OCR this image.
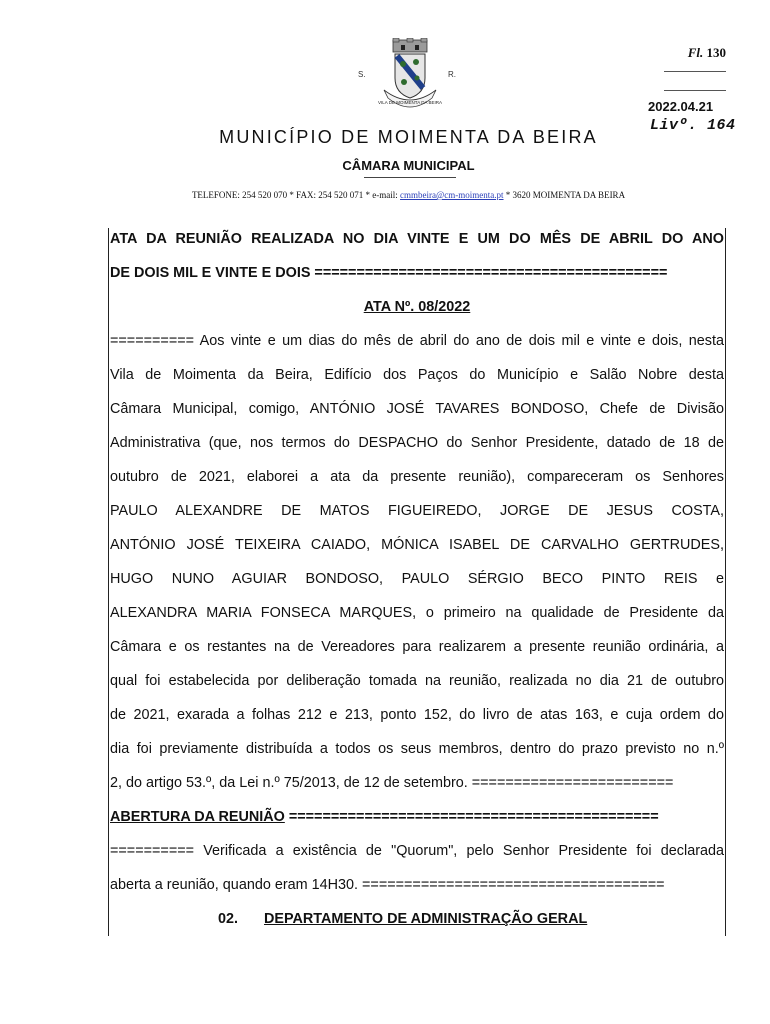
S.	R.
VILA DE MOIMENTA DA BEIRA
Fl. 130
2022.04.21
Livº. 164
MUNICÍPIO DE MOIMENTA DA BEIRA
CÂMARA MUNICIPAL
TELEFONE: 254 520 070 * FAX: 254 520 071 * e-mail: cmmbeira@cm-moimenta.pt * 3620 MOIMENTA DA BEIRA
ATA DA REUNIÃO REALIZADA NO DIA VINTE E UM DO MÊS DE ABRIL DO ANO
DE DOIS MIL E VINTE E DOIS ==========================================
ATA Nº. 08/2022
========== Aos vinte e um dias do mês de abril do ano de dois mil e vinte e dois, nesta
Vila de Moimenta da Beira, Edifício dos Paços do Município e Salão Nobre desta
Câmara Municipal, comigo, ANTÓNIO JOSÉ TAVARES BONDOSO, Chefe de Divisão
Administrativa (que, nos termos do DESPACHO do Senhor Presidente, datado de 18 de
outubro de 2021, elaborei a ata da presente reunião), compareceram os Senhores
PAULO ALEXANDRE DE MATOS FIGUEIREDO, JORGE DE JESUS COSTA,
ANTÓNIO JOSÉ TEIXEIRA CAIADO, MÓNICA ISABEL DE CARVALHO GERTRUDES,
HUGO NUNO AGUIAR BONDOSO, PAULO SÉRGIO BECO PINTO REIS e
ALEXANDRA MARIA FONSECA MARQUES, o primeiro na qualidade de Presidente da
Câmara e os restantes na de Vereadores para realizarem a presente reunião ordinária, a
qual foi estabelecida por deliberação tomada na reunião, realizada no dia 21 de outubro
de 2021, exarada a folhas 212 e 213, ponto 152, do livro de atas 163, e cuja ordem do
dia foi previamente distribuída a todos os seus membros, dentro do prazo previsto no n.º
2, do artigo 53.º, da Lei n.º 75/2013, de 12 de setembro. ========================
ABERTURA DA REUNIÃO ============================================
========== Verificada a existência de "Quorum", pelo Senhor Presidente foi declarada
aberta a reunião, quando eram 14H30. ====================================
02. DEPARTAMENTO DE ADMINISTRAÇÃO GERAL
